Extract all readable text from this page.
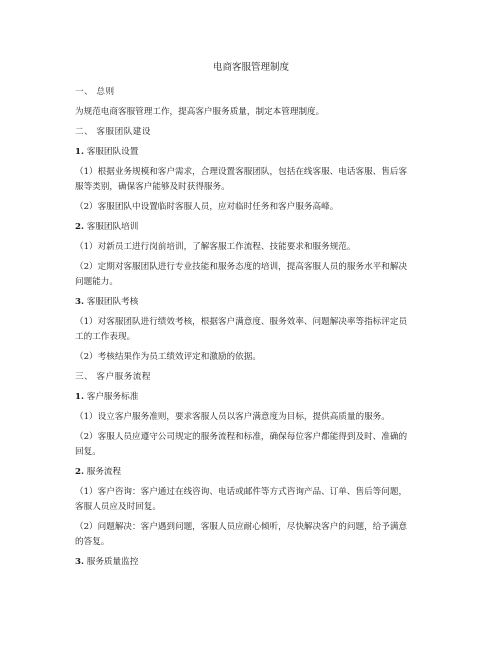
电商客服管理制度
一、 总则
为规范电商客服管理工作，提高客户服务质量，制定本管理制度。
二、 客服团队建设
1. 客服团队设置
（1）根据业务规模和客户需求，合理设置客服团队，包括在线客服、电话客服、售后客
服等类别，确保客户能够及时获得服务。
（2）客服团队中设置临时客服人员，应对临时任务和客户服务高峰。
2. 客服团队培训
（1）对新员工进行岗前培训，了解客服工作流程、技能要求和服务规范。
（2）定期对客服团队进行专业技能和服务态度的培训，提高客服人员的服务水平和解决
问题能力。
3. 客服团队考核
（1）对客服团队进行绩效考核，根据客户满意度、服务效率、问题解决率等指标评定员
工的工作表现。
（2）考核结果作为员工绩效评定和激励的依据。
三、 客户服务流程
1. 客户服务标准
（1）设立客户服务准则，要求客服人员以客户满意度为目标，提供高质量的服务。
（2）客服人员应遵守公司规定的服务流程和标准，确保每位客户都能得到及时、准确的
回复。
2. 服务流程
（1）客户咨询：客户通过在线咨询、电话或邮件等方式咨询产品、订单、售后等问题，
客服人员应及时回复。
（2）问题解决：客户遇到问题，客服人员应耐心倾听，尽快解决客户的问题，给予满意
的答复。
3. 服务质量监控
